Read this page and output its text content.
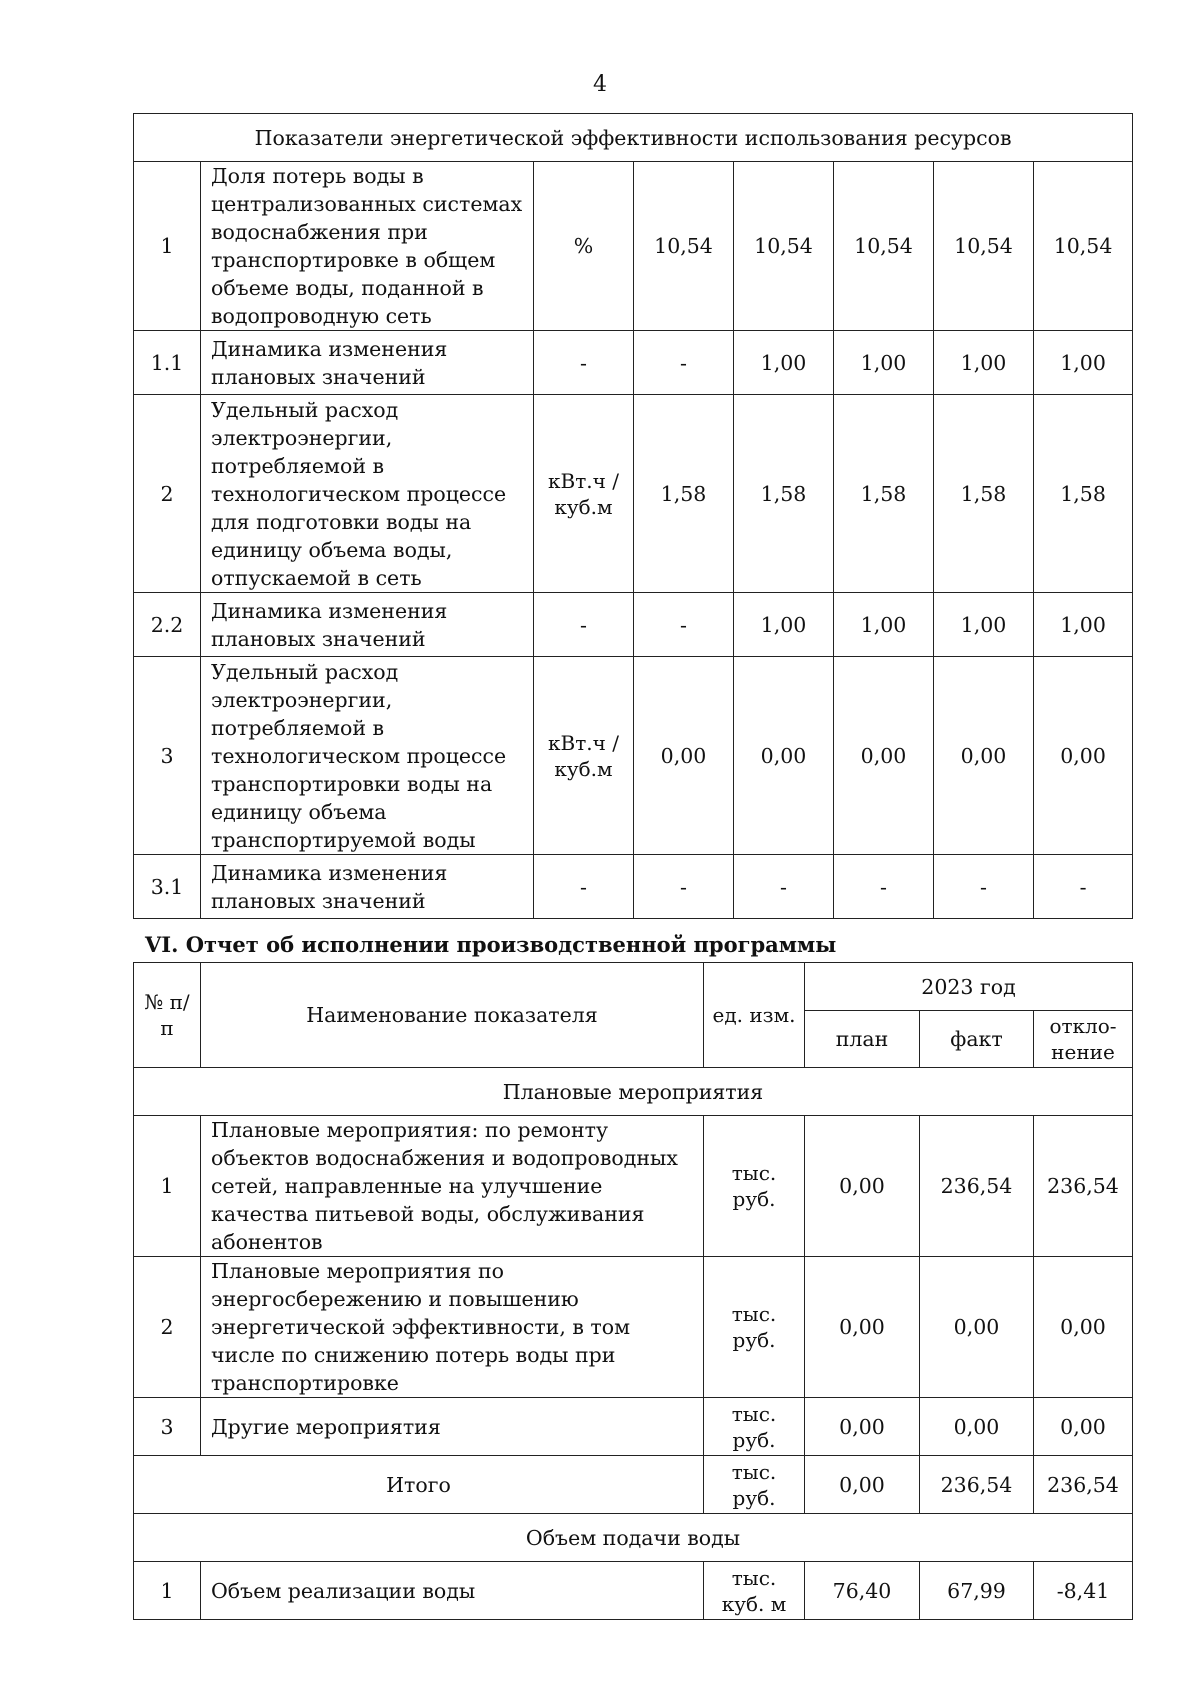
4
Показатели энергетической эффективности использования ресурсов							
1	Доля потерь воды в централизованных системах водоснабжения при транспортировке в общем объеме воды, поданной в водопроводную сеть	%	10,54	10,54	10,54	10,54	10,54
1.1	Динамика изменения плановых значений	-	-	1,00	1,00	1,00	1,00
2	Удельный расход электроэнергии, потребляемой в технологическом процессе для подготовки воды на единицу объема воды, отпускаемой в сеть	кВт.ч / куб.м	1,58	1,58	1,58	1,58	1,58
2.2	Динамика изменения плановых значений	-	-	1,00	1,00	1,00	1,00
3	Удельный расход электроэнергии, потребляемой в технологическом процессе транспортировки воды на единицу объема транспортируемой воды	кВт.ч / куб.м	0,00	0,00	0,00	0,00	0,00
3.1	Динамика изменения плановых значений	-	-	-	-	-	-
VI. Отчет об исполнении производственной программы
№ п/п	Наименование показателя	ед. изм.	2023 год		
			план	факт	откло-нение
Плановые мероприятия					
1	Плановые мероприятия: по ремонту объектов водоснабжения и водопроводных сетей, направленные на улучшение качества питьевой воды, обслуживания абонентов	тыс. руб.	0,00	236,54	236,54
2	Плановые мероприятия по энергосбережению и повышению энергетической эффективности, в том числе по снижению потерь воды при транспортировке	тыс. руб.	0,00	0,00	0,00
3	Другие мероприятия	тыс. руб.	0,00	0,00	0,00
Итого		тыс. руб.	0,00	236,54	236,54
Объем подачи воды					
1	Объем реализации воды	тыс. куб. м	76,40	67,99	-8,41
